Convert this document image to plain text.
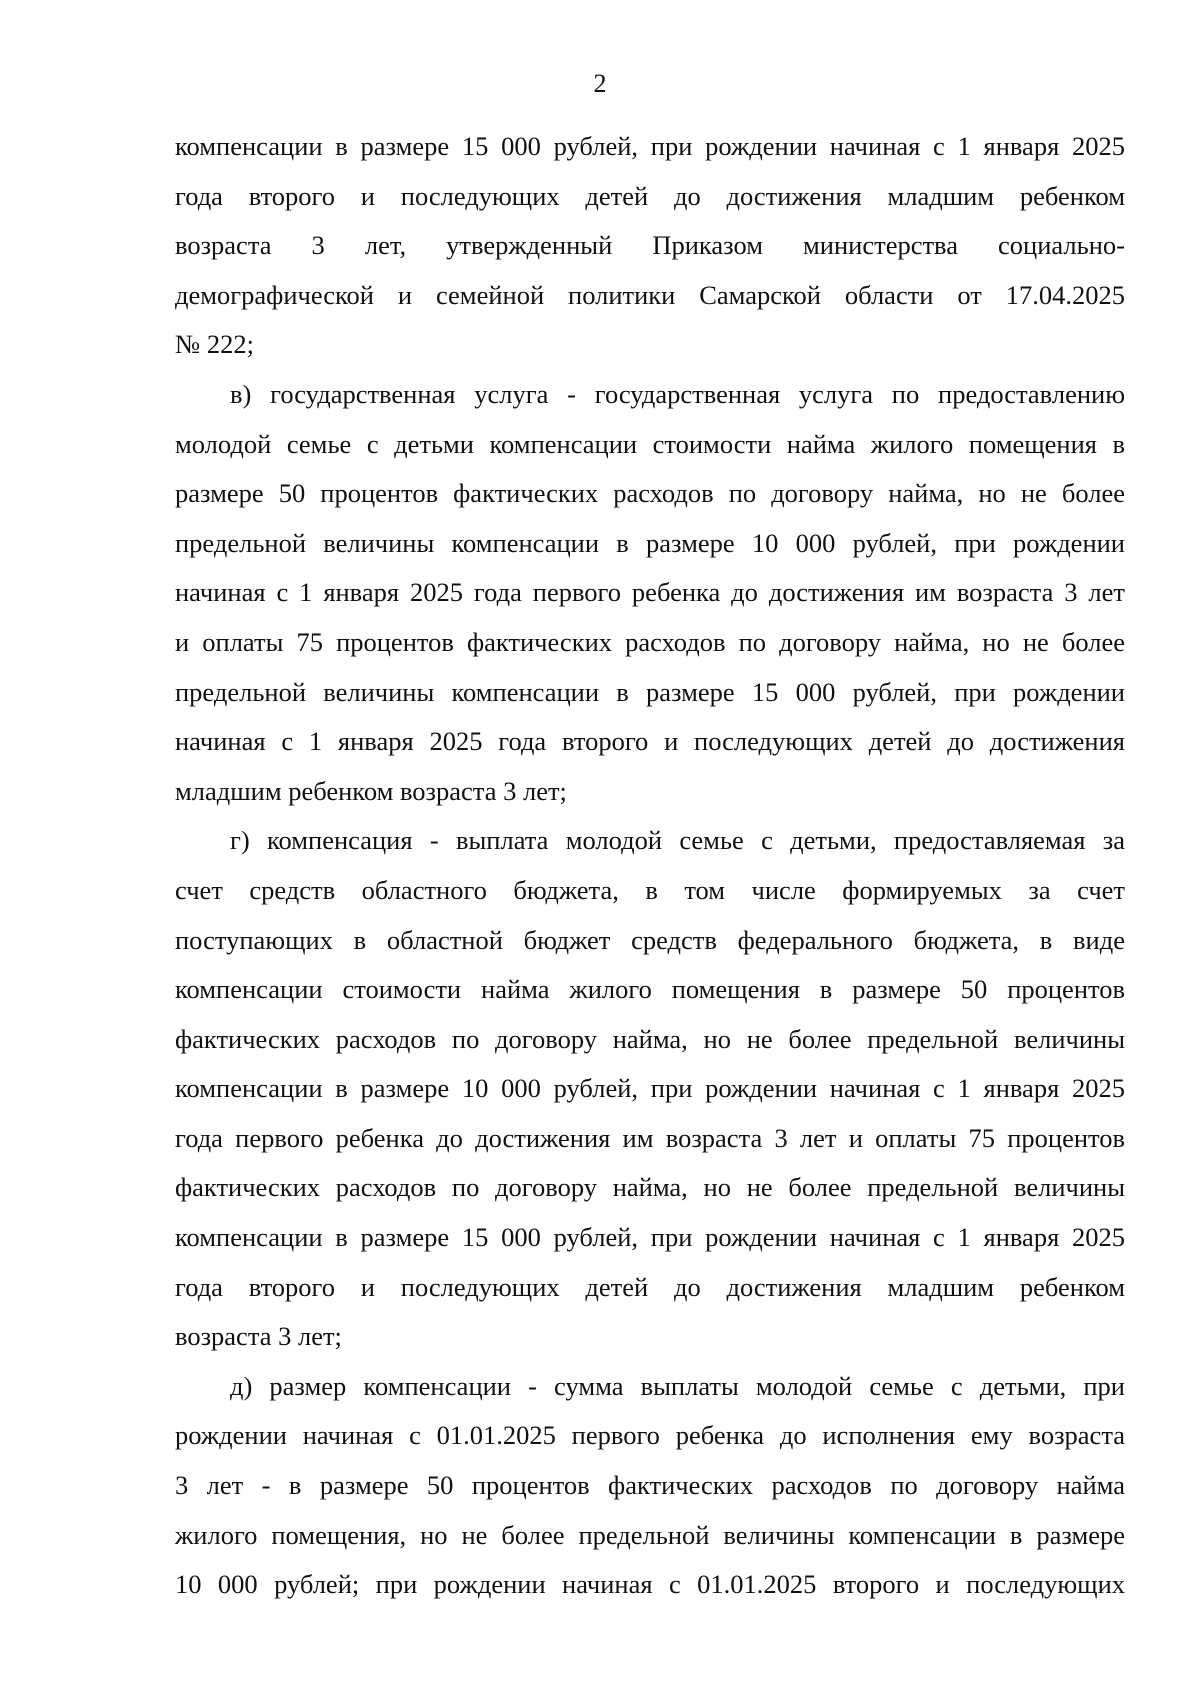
2
компенсации в размере 15 000 рублей, при рождении начиная с 1 января 2025
года второго и последующих детей до достижения младшим ребенком
возраста 3 лет, утвержденный Приказом министерства социально-
демографической и семейной политики Самарской области от 17.04.2025
№ 222;
в) государственная услуга - государственная услуга по предоставлению
молодой семье с детьми компенсации стоимости найма жилого помещения в
размере 50 процентов фактических расходов по договору найма, но не более
предельной величины компенсации в размере 10 000 рублей, при рождении
начиная с 1 января 2025 года первого ребенка до достижения им возраста 3 лет
и оплаты 75 процентов фактических расходов по договору найма, но не более
предельной величины компенсации в размере 15 000 рублей, при рождении
начиная с 1 января 2025 года второго и последующих детей до достижения
младшим ребенком возраста 3 лет;
г) компенсация - выплата молодой семье с детьми, предоставляемая за
счет средств областного бюджета, в том числе формируемых за счет
поступающих в областной бюджет средств федерального бюджета, в виде
компенсации стоимости найма жилого помещения в размере 50 процентов
фактических расходов по договору найма, но не более предельной величины
компенсации в размере 10 000 рублей, при рождении начиная с 1 января 2025
года первого ребенка до достижения им возраста 3 лет и оплаты 75 процентов
фактических расходов по договору найма, но не более предельной величины
компенсации в размере 15 000 рублей, при рождении начиная с 1 января 2025
года второго и последующих детей до достижения младшим ребенком
возраста 3 лет;
д) размер компенсации - сумма выплаты молодой семье с детьми, при
рождении начиная с 01.01.2025 первого ребенка до исполнения ему возраста
3 лет - в размере 50 процентов фактических расходов по договору найма
жилого помещения, но не более предельной величины компенсации в размере
10 000 рублей; при рождении начиная с 01.01.2025 второго и последующих
